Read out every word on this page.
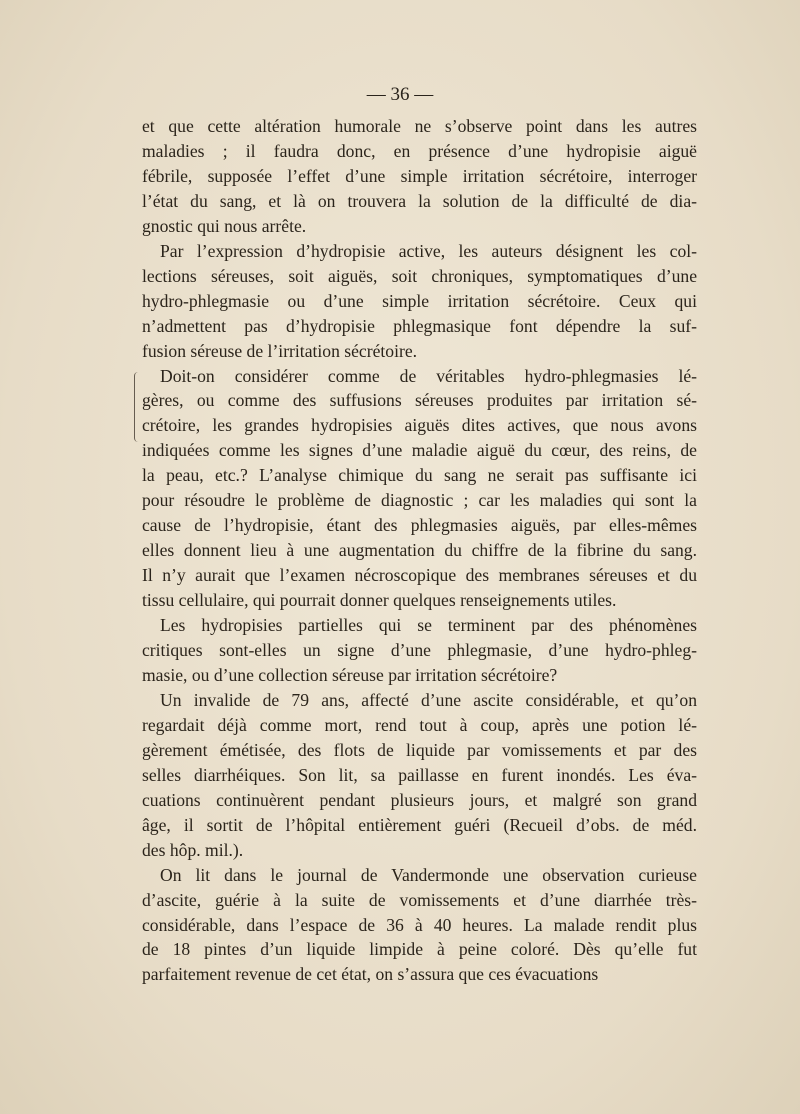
— 36 —
et que cette altération humorale ne s’observe point dans les autres
maladies ; il faudra donc, en présence d’une hydropisie aiguë
fébrile, supposée l’effet d’une simple irritation sécrétoire, interroger
l’état du sang, et là on trouvera la solution de la difficulté de dia-
gnostic qui nous arrête.
Par l’expression d’hydropisie active, les auteurs désignent les col-
lections séreuses, soit aiguës, soit chroniques, symptomatiques d’une
hydro-phlegmasie ou d’une simple irritation sécrétoire. Ceux qui
n’admettent pas d’hydropisie phlegmasique font dépendre la suf-
fusion séreuse de l’irritation sécrétoire.
Doit-on considérer comme de véritables hydro-phlegmasies lé-
gères, ou comme des suffusions séreuses produites par irritation sé-
crétoire, les grandes hydropisies aiguës dites actives, que nous avons
indiquées comme les signes d’une maladie aiguë du cœur, des reins, de
la peau, etc.? L’analyse chimique du sang ne serait pas suffisante ici
pour résoudre le problème de diagnostic ; car les maladies qui sont la
cause de l’hydropisie, étant des phlegmasies aiguës, par elles-mêmes
elles donnent lieu à une augmentation du chiffre de la fibrine du sang.
Il n’y aurait que l’examen nécroscopique des membranes séreuses et du
tissu cellulaire, qui pourrait donner quelques renseignements utiles.
Les hydropisies partielles qui se terminent par des phénomènes
critiques sont-elles un signe d’une phlegmasie, d’une hydro-phleg-
masie, ou d’une collection séreuse par irritation sécrétoire?
Un invalide de 79 ans, affecté d’une ascite considérable, et qu’on
regardait déjà comme mort, rend tout à coup, après une potion lé-
gèrement émétisée, des flots de liquide par vomissements et par des
selles diarrhéiques. Son lit, sa paillasse en furent inondés. Les éva-
cuations continuèrent pendant plusieurs jours, et malgré son grand
âge, il sortit de l’hôpital entièrement guéri (Recueil d’obs. de méd.
des hôp. mil.).
On lit dans le journal de Vandermonde une observation curieuse
d’ascite, guérie à la suite de vomissements et d’une diarrhée très-
considérable, dans l’espace de 36 à 40 heures. La malade rendit plus
de 18 pintes d’un liquide limpide à peine coloré. Dès qu’elle fut
parfaitement revenue de cet état, on s’assura que ces évacuations
